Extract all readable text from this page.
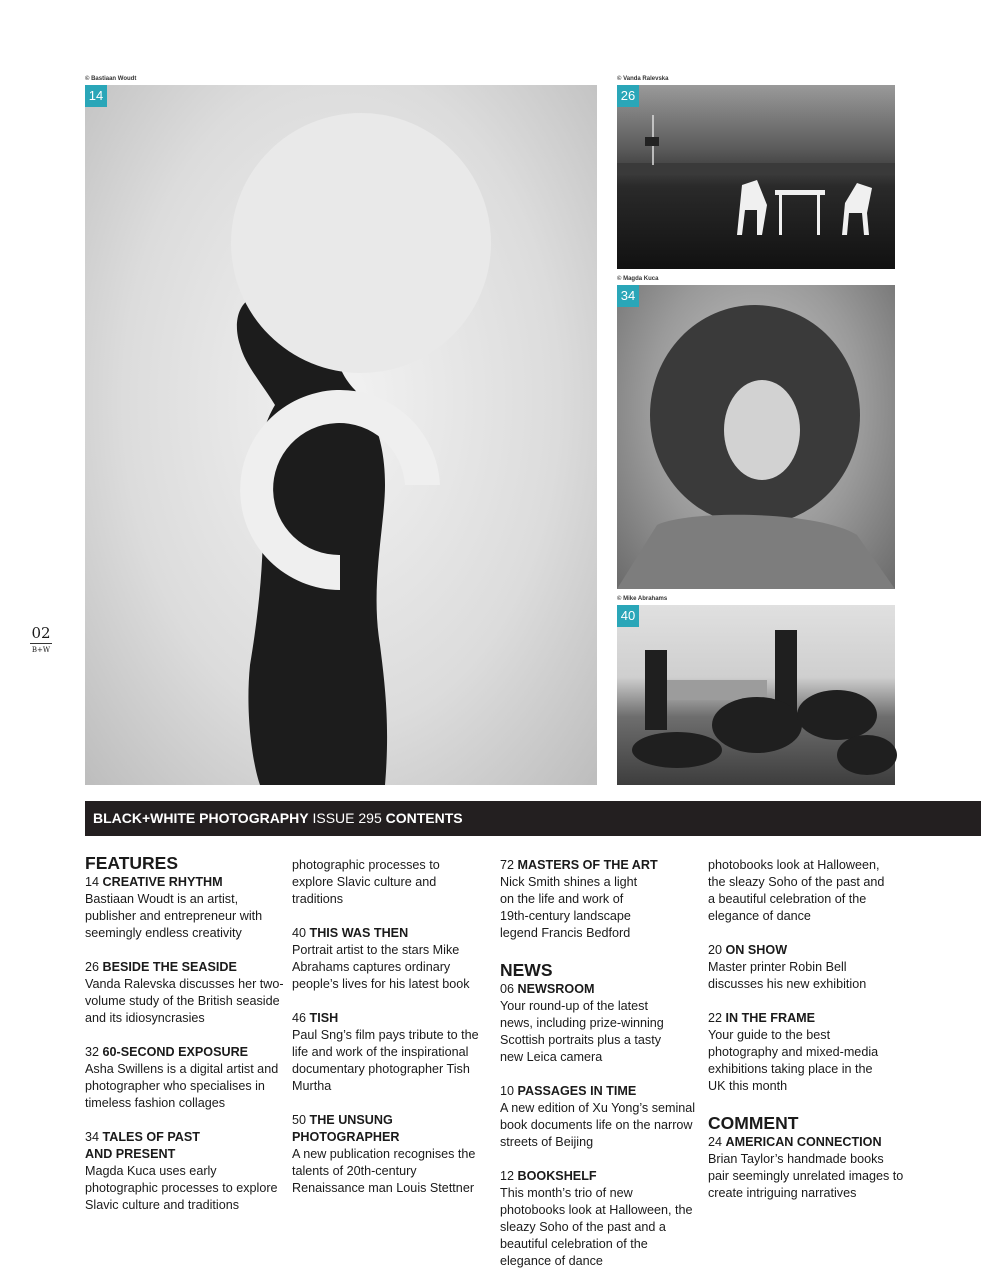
© Bastiaan Woudt	© Vanda Ralevska
© Magda Kuca
© Mike Abrahams
14	26
34
40
02
B+W
BLACK+WHITE PHOTOGRAPHY ISSUE 295 CONTENTS
FEATURES
14 CREATIVE RHYTHM
Bastiaan Woudt is an artist, publisher and entrepreneur with seemingly endless creativity
26 BESIDE THE SEASIDE
Vanda Ralevska discusses her two-volume study of the British seaside and its idiosyncrasies
32 60-SECOND EXPOSURE
Asha Swillens is a digital artist and photographer who specialises in timeless fashion collages
34 TALES OF PAST AND PRESENT
Magda Kuca uses early photographic processes to explore Slavic culture and traditions
photographic processes to explore Slavic culture and traditions
40 THIS WAS THEN
Portrait artist to the stars Mike Abrahams captures ordinary people’s lives for his latest book
46 TISH
Paul Sng’s film pays tribute to the life and work of the inspirational documentary photographer Tish Murtha
50 THE UNSUNG PHOTOGRAPHER
A new publication recognises the talents of 20th-century Renaissance man Louis Stettner
72 MASTERS OF THE ART
Nick Smith shines a light on the life and work of 19th-century landscape legend Francis Bedford
NEWS
06 NEWSROOM
Your round-up of the latest news, including prize-winning Scottish portraits plus a tasty new Leica camera
10 PASSAGES IN TIME
A new edition of Xu Yong’s seminal book documents life on the narrow streets of Beijing
12 BOOKSHELF
This month’s trio of new photobooks look at Halloween, the sleazy Soho of the past and a beautiful celebration of the elegance of dance
photobooks look at Halloween, the sleazy Soho of the past and a beautiful celebration of the elegance of dance
20 ON SHOW
Master printer Robin Bell discusses his new exhibition
22 IN THE FRAME
Your guide to the best photography and mixed-media exhibitions taking place in the UK this month
COMMENT
24 AMERICAN CONNECTION
Brian Taylor’s handmade books pair seemingly unrelated images to create intriguing narratives
